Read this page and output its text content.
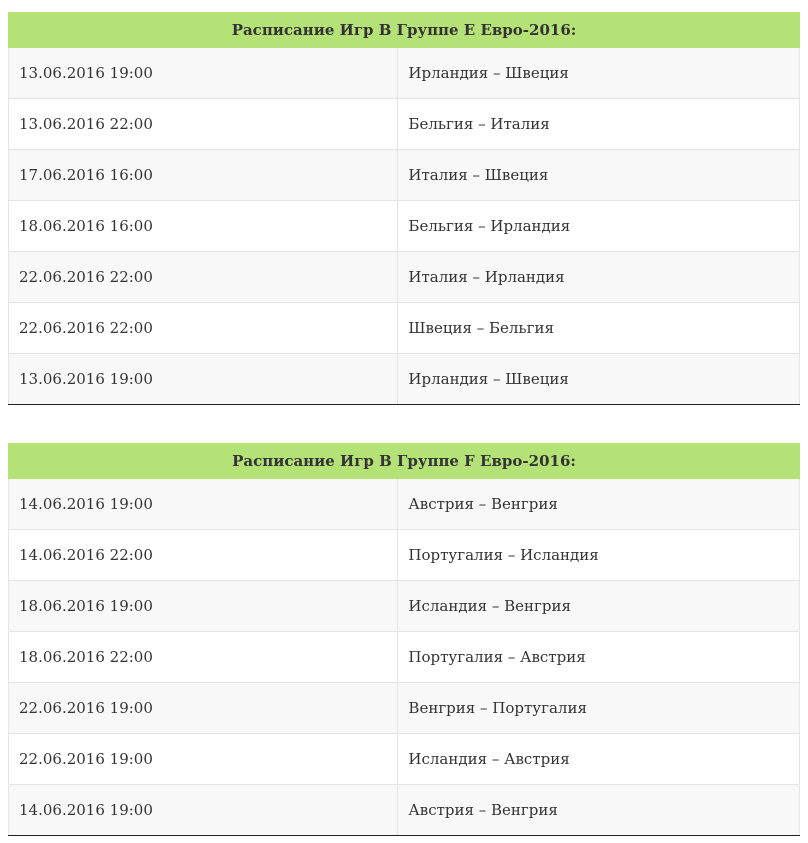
Расписание Игр В Группе Е Евро-2016:	
13.06.2016 19:00	Ирландия – Швеция
13.06.2016 22:00	Бельгия – Италия
17.06.2016 16:00	Италия – Швеция
18.06.2016 16:00	Бельгия – Ирландия
22.06.2016 22:00	Италия – Ирландия
22.06.2016 22:00	Швеция – Бельгия
13.06.2016 19:00	Ирландия – Швеция
Расписание Игр В Группе F Евро-2016:	
14.06.2016 19:00	Австрия – Венгрия
14.06.2016 22:00	Португалия – Исландия
18.06.2016 19:00	Исландия – Венгрия
18.06.2016 22:00	Португалия – Австрия
22.06.2016 19:00	Венгрия – Португалия
22.06.2016 19:00	Исландия – Австрия
14.06.2016 19:00	Австрия – Венгрия
